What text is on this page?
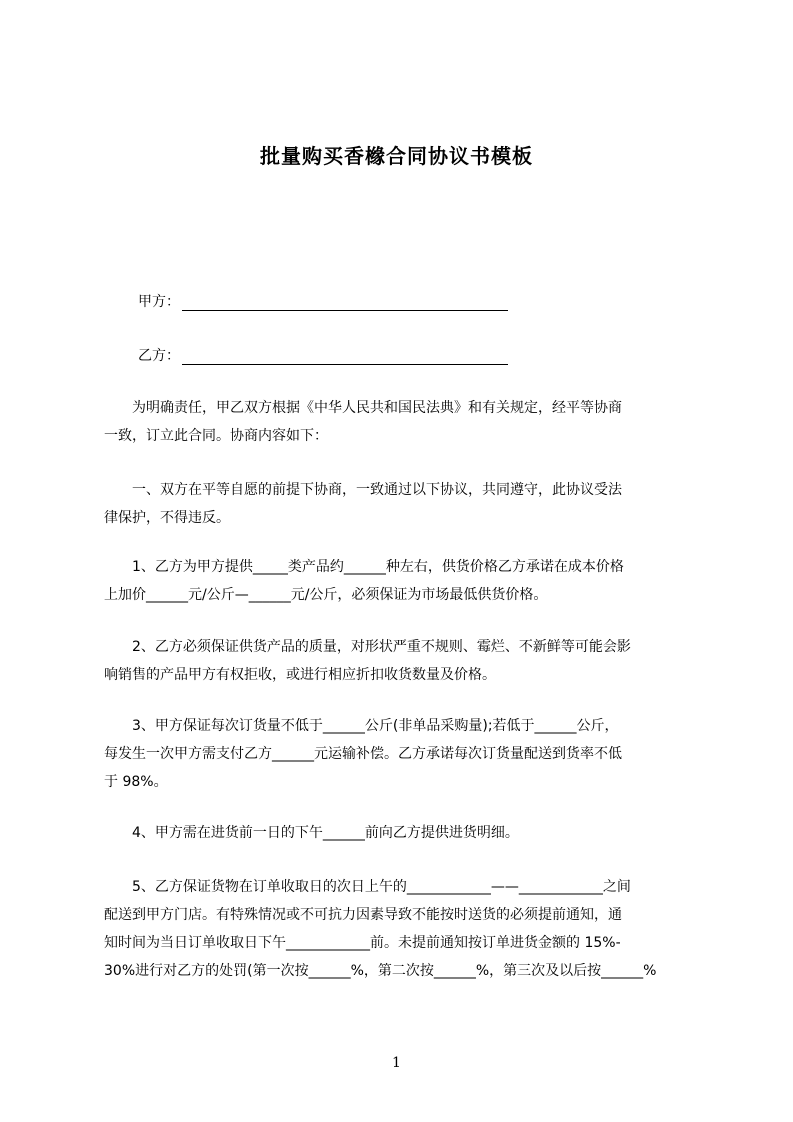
批量购买香橼合同协议书模板
甲方：
乙方：
为明确责任，甲乙双方根据《中华人民共和国民法典》和有关规定，经平等协商
一致，订立此合同。协商内容如下：
一、双方在平等自愿的前提下协商，一致通过以下协议，共同遵守，此协议受法
律保护，不得违反。
1、乙方为甲方提供_____类产品约______种左右，供货价格乙方承诺在成本价格
上加价______元/公斤—______元/公斤，必须保证为市场最低供货价格。
2、乙方必须保证供货产品的质量，对形状严重不规则、霉烂、不新鲜等可能会影
响销售的产品甲方有权拒收，或进行相应折扣收货数量及价格。
3、甲方保证每次订货量不低于______公斤(非单品采购量);若低于______公斤，
每发生一次甲方需支付乙方______元运输补偿。乙方承诺每次订货量配送到货率不低
于 98%。
4、甲方需在进货前一日的下午______前向乙方提供进货明细。
5、乙方保证货物在订单收取日的次日上午的____________——____________之间
配送到甲方门店。有特殊情况或不可抗力因素导致不能按时送货的必须提前通知，通
知时间为当日订单收取日下午____________前。未提前通知按订单进货金额的 15%-
30%进行对乙方的处罚(第一次按______%，第二次按______%，第三次及以后按______%
1
